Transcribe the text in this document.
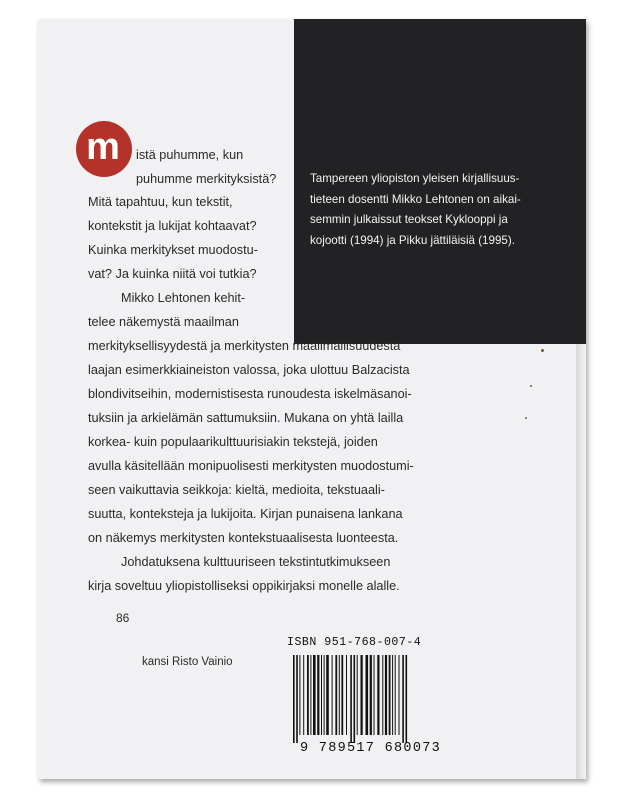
Tampereen yliopiston yleisen kirjallisuus-
tieteen dosentti Mikko Lehtonen on aikai-
semmin julkaissut teokset Kyklooppi ja
kojootti (1994) ja Pikku jättiläisiä (1995).
m istä puhumme, kun
puhumme merkityksistä?
Mitä tapahtuu, kun tekstit,
kontekstit ja lukijat kohtaavat?
Kuinka merkitykset muodostu-
vat? Ja kuinka niitä voi tutkia?
Mikko Lehtonen kehit-
telee näkemystä maailman
merkityksellisyydestä ja merkitysten maailmallisuudesta
laajan esimerkkiaineiston valossa, joka ulottuu Balzacista
blondivitseihin, modernistisesta runoudesta iskelmäsanoi-
tuksiin ja arkielämän sattumuksiin. Mukana on yhtä lailla
korkea- kuin populaarikulttuurisiakin tekstejä, joiden
avulla käsitellään monipuolisesti merkitysten muodostumi-
seen vaikuttavia seikkoja: kieltä, medioita, tekstuaali-
suutta, konteksteja ja lukijoita. Kirjan punaisena lankana
on näkemys merkitysten kontekstuaalisesta luonteesta.
Johdatuksena kulttuuriseen tekstintutkimukseen
kirja soveltuu yliopistolliseksi oppikirjaksi monelle alalle.
86
kansi Risto Vainio
ISBN 951-768-007-4
9 789517 680073
